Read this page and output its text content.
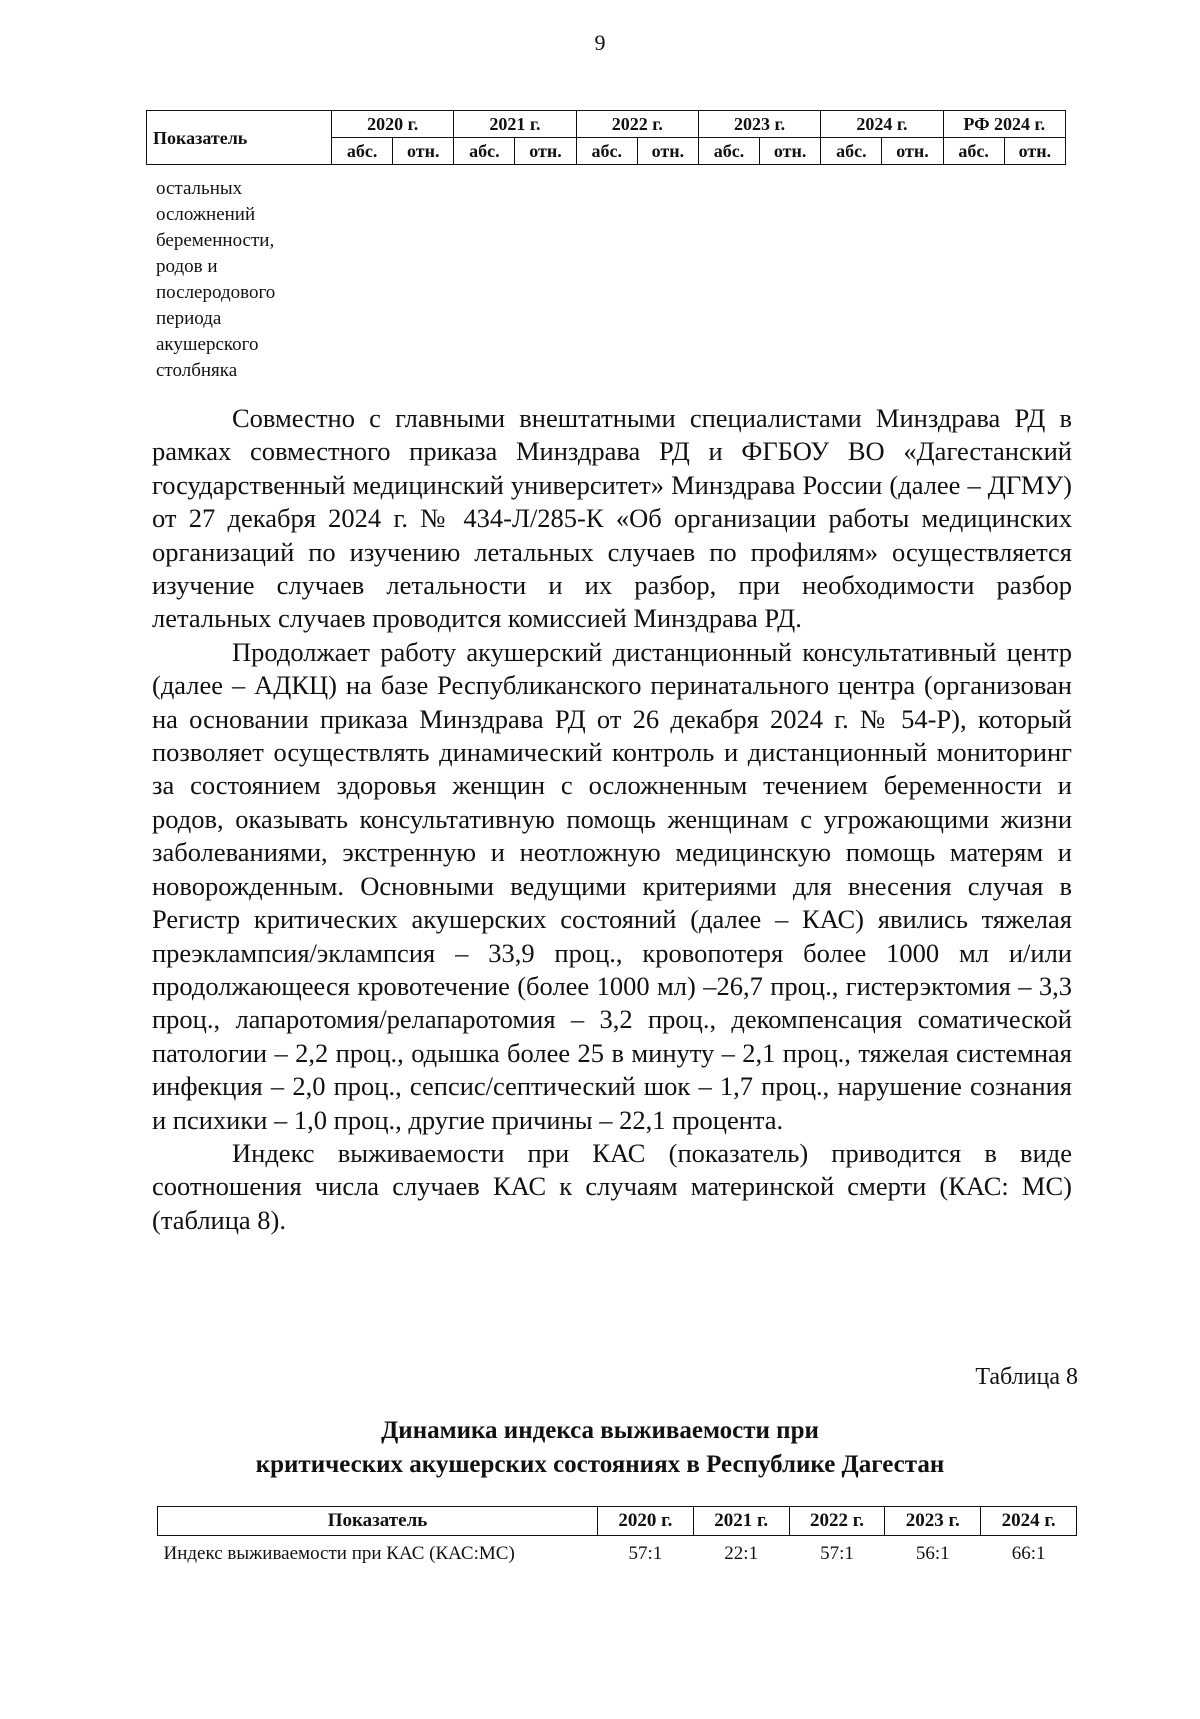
9
Показатель	2020 г.		2021 г.		2022 г.		2023 г.		2024 г.		РФ 2024 г.	
	абс.	отн.	абс.	отн.	абс.	отн.	абс.	отн.	абс.	отн.	абс.	отн.
остальных
осложнений
беременности,
родов и
послеродового
периода
акушерского
столбняка

Совместно с главными внештатными специалистами Минздрава РД в рамках совместного приказа Минздрава РД и ФГБОУ ВО «Дагестанский государственный медицинский университет» Минздрава России (далее – ДГМУ) от 27 декабря 2024 г. № 434-Л/285-К «Об организации работы медицинских организаций по изучению летальных случаев по профилям» осуществляется изучение случаев летальности и их разбор, при необходимости разбор летальных случаев проводится комиссией Минздрава РД.

Продолжает работу акушерский дистанционный консультативный центр (далее – АДКЦ) на базе Республиканского перинатального центра (организован на основании приказа Минздрава РД от 26 декабря 2024 г. № 54-Р), который позволяет осуществлять динамический контроль и дистанционный мониторинг за состоянием здоровья женщин с осложненным течением беременности и родов, оказывать консультативную помощь женщинам с угрожающими жизни заболеваниями, экстренную и неотложную медицинскую помощь матерям и новорожденным. Основными ведущими критериями для внесения случая в Регистр критических акушерских состояний (далее – КАС) явились тяжелая преэклампсия/эклампсия – 33,9 проц., кровопотеря более 1000 мл и/или продолжающееся кровотечение (более 1000 мл) –26,7 проц., гистерэктомия – 3,3 проц., лапаротомия/релапаротомия – 3,2 проц., декомпенсация соматической патологии – 2,2 проц., одышка более 25 в минуту – 2,1 проц., тяжелая системная инфекция – 2,0 проц., сепсис/септический шок – 1,7 проц., нарушение сознания и психики – 1,0 проц., другие причины – 22,1 процента.

Индекс выживаемости при КАС (показатель) приводится в виде соотношения числа случаев КАС к случаям материнской смерти (КАС: МС) (таблица 8).

Таблица 8
Динамика индекса выживаемости при
критических акушерских состояниях в Республике Дагестан
Показатель	2020 г.	2021 г.	2022 г.	2023 г.	2024 г.
Индекс выживаемости при КАС (КАС:МС)	57:1	22:1	57:1	56:1	66:1
